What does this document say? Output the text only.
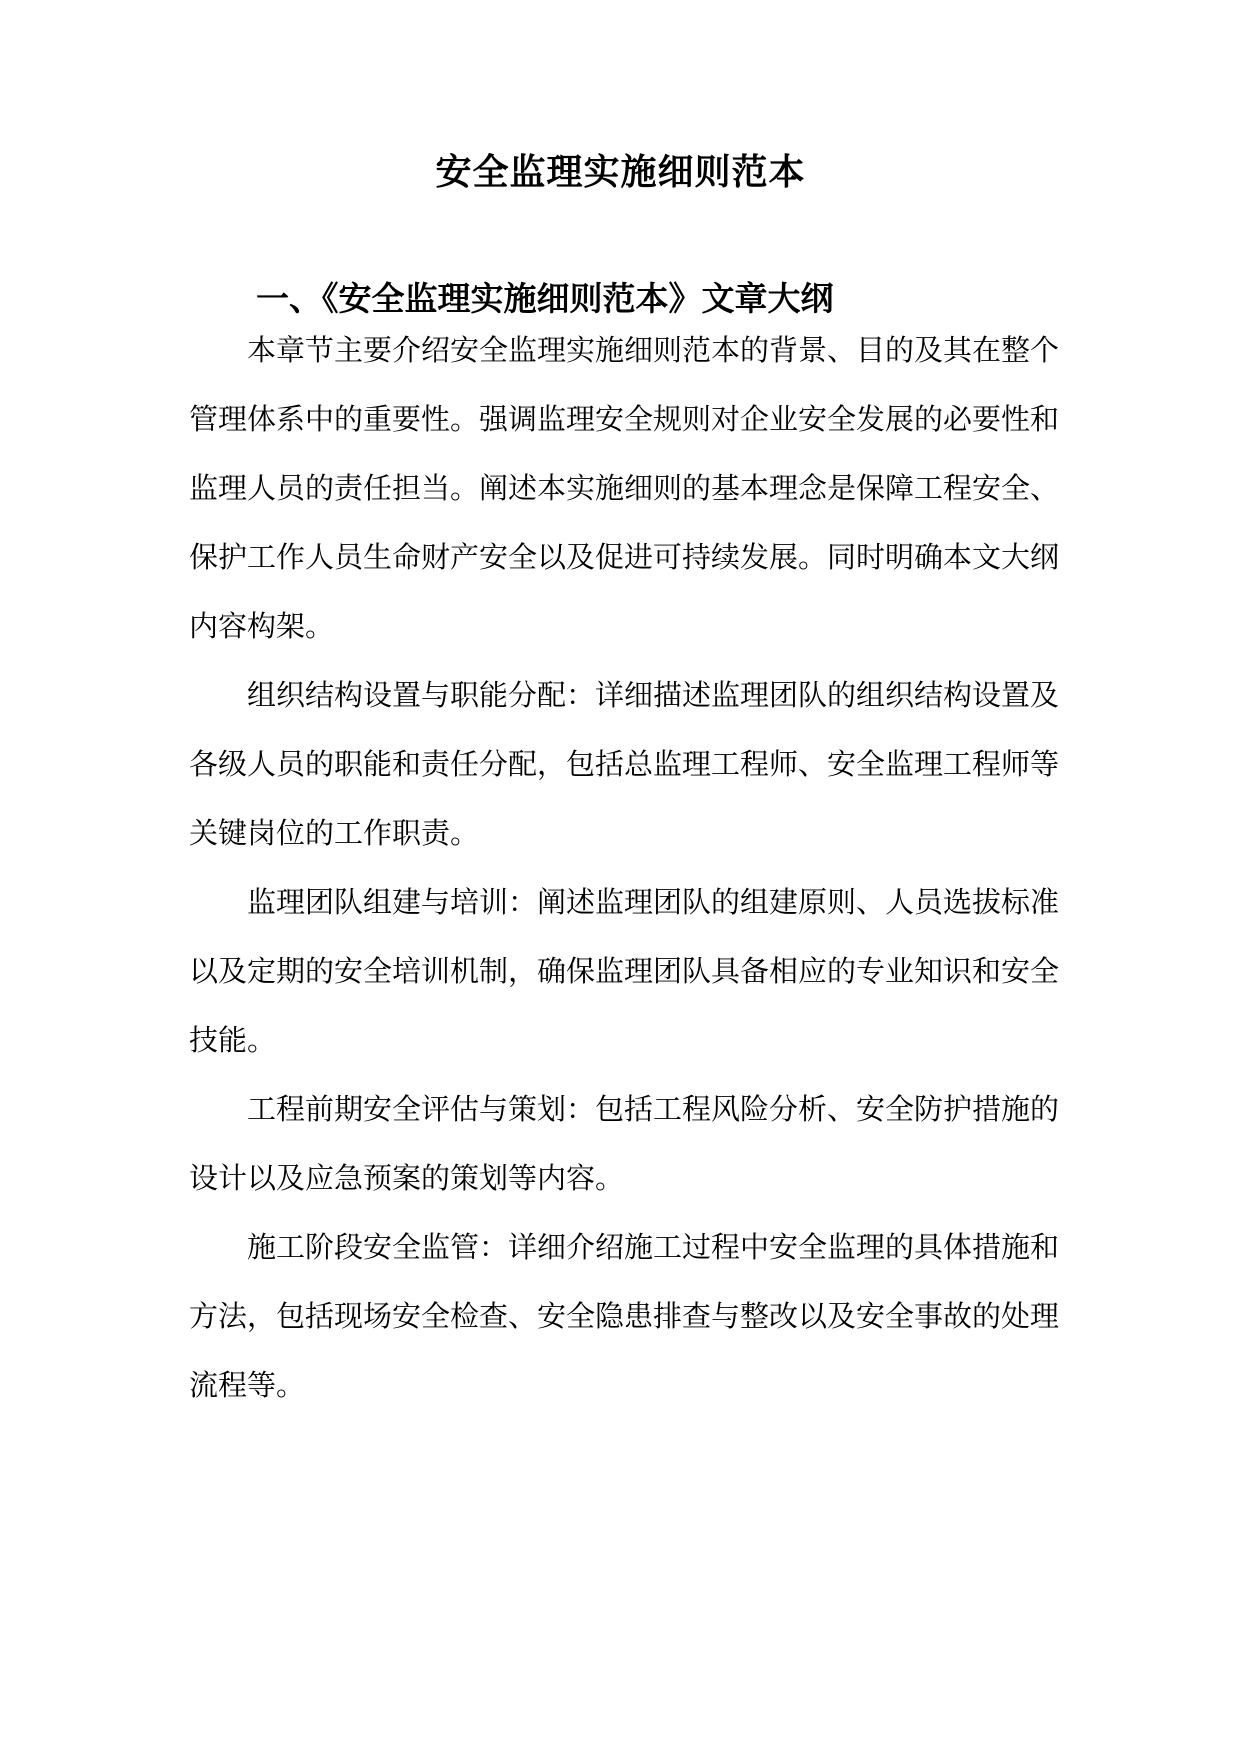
安全监理实施细则范本
一、《安全监理实施细则范本》文章大纲
本章节主要介绍安全监理实施细则范本的背景、目的及其在整个
管理体系中的重要性。强调监理安全规则对企业安全发展的必要性和
监理人员的责任担当。阐述本实施细则的基本理念是保障工程安全、
保护工作人员生命财产安全以及促进可持续发展。同时明确本文大纲
内容构架。
组织结构设置与职能分配：详细描述监理团队的组织结构设置及
各级人员的职能和责任分配，包括总监理工程师、安全监理工程师等
关键岗位的工作职责。
监理团队组建与培训：阐述监理团队的组建原则、人员选拔标准
以及定期的安全培训机制，确保监理团队具备相应的专业知识和安全
技能。
工程前期安全评估与策划：包括工程风险分析、安全防护措施的
设计以及应急预案的策划等内容。
施工阶段安全监管：详细介绍施工过程中安全监理的具体措施和
方法，包括现场安全检查、安全隐患排查与整改以及安全事故的处理
流程等。
